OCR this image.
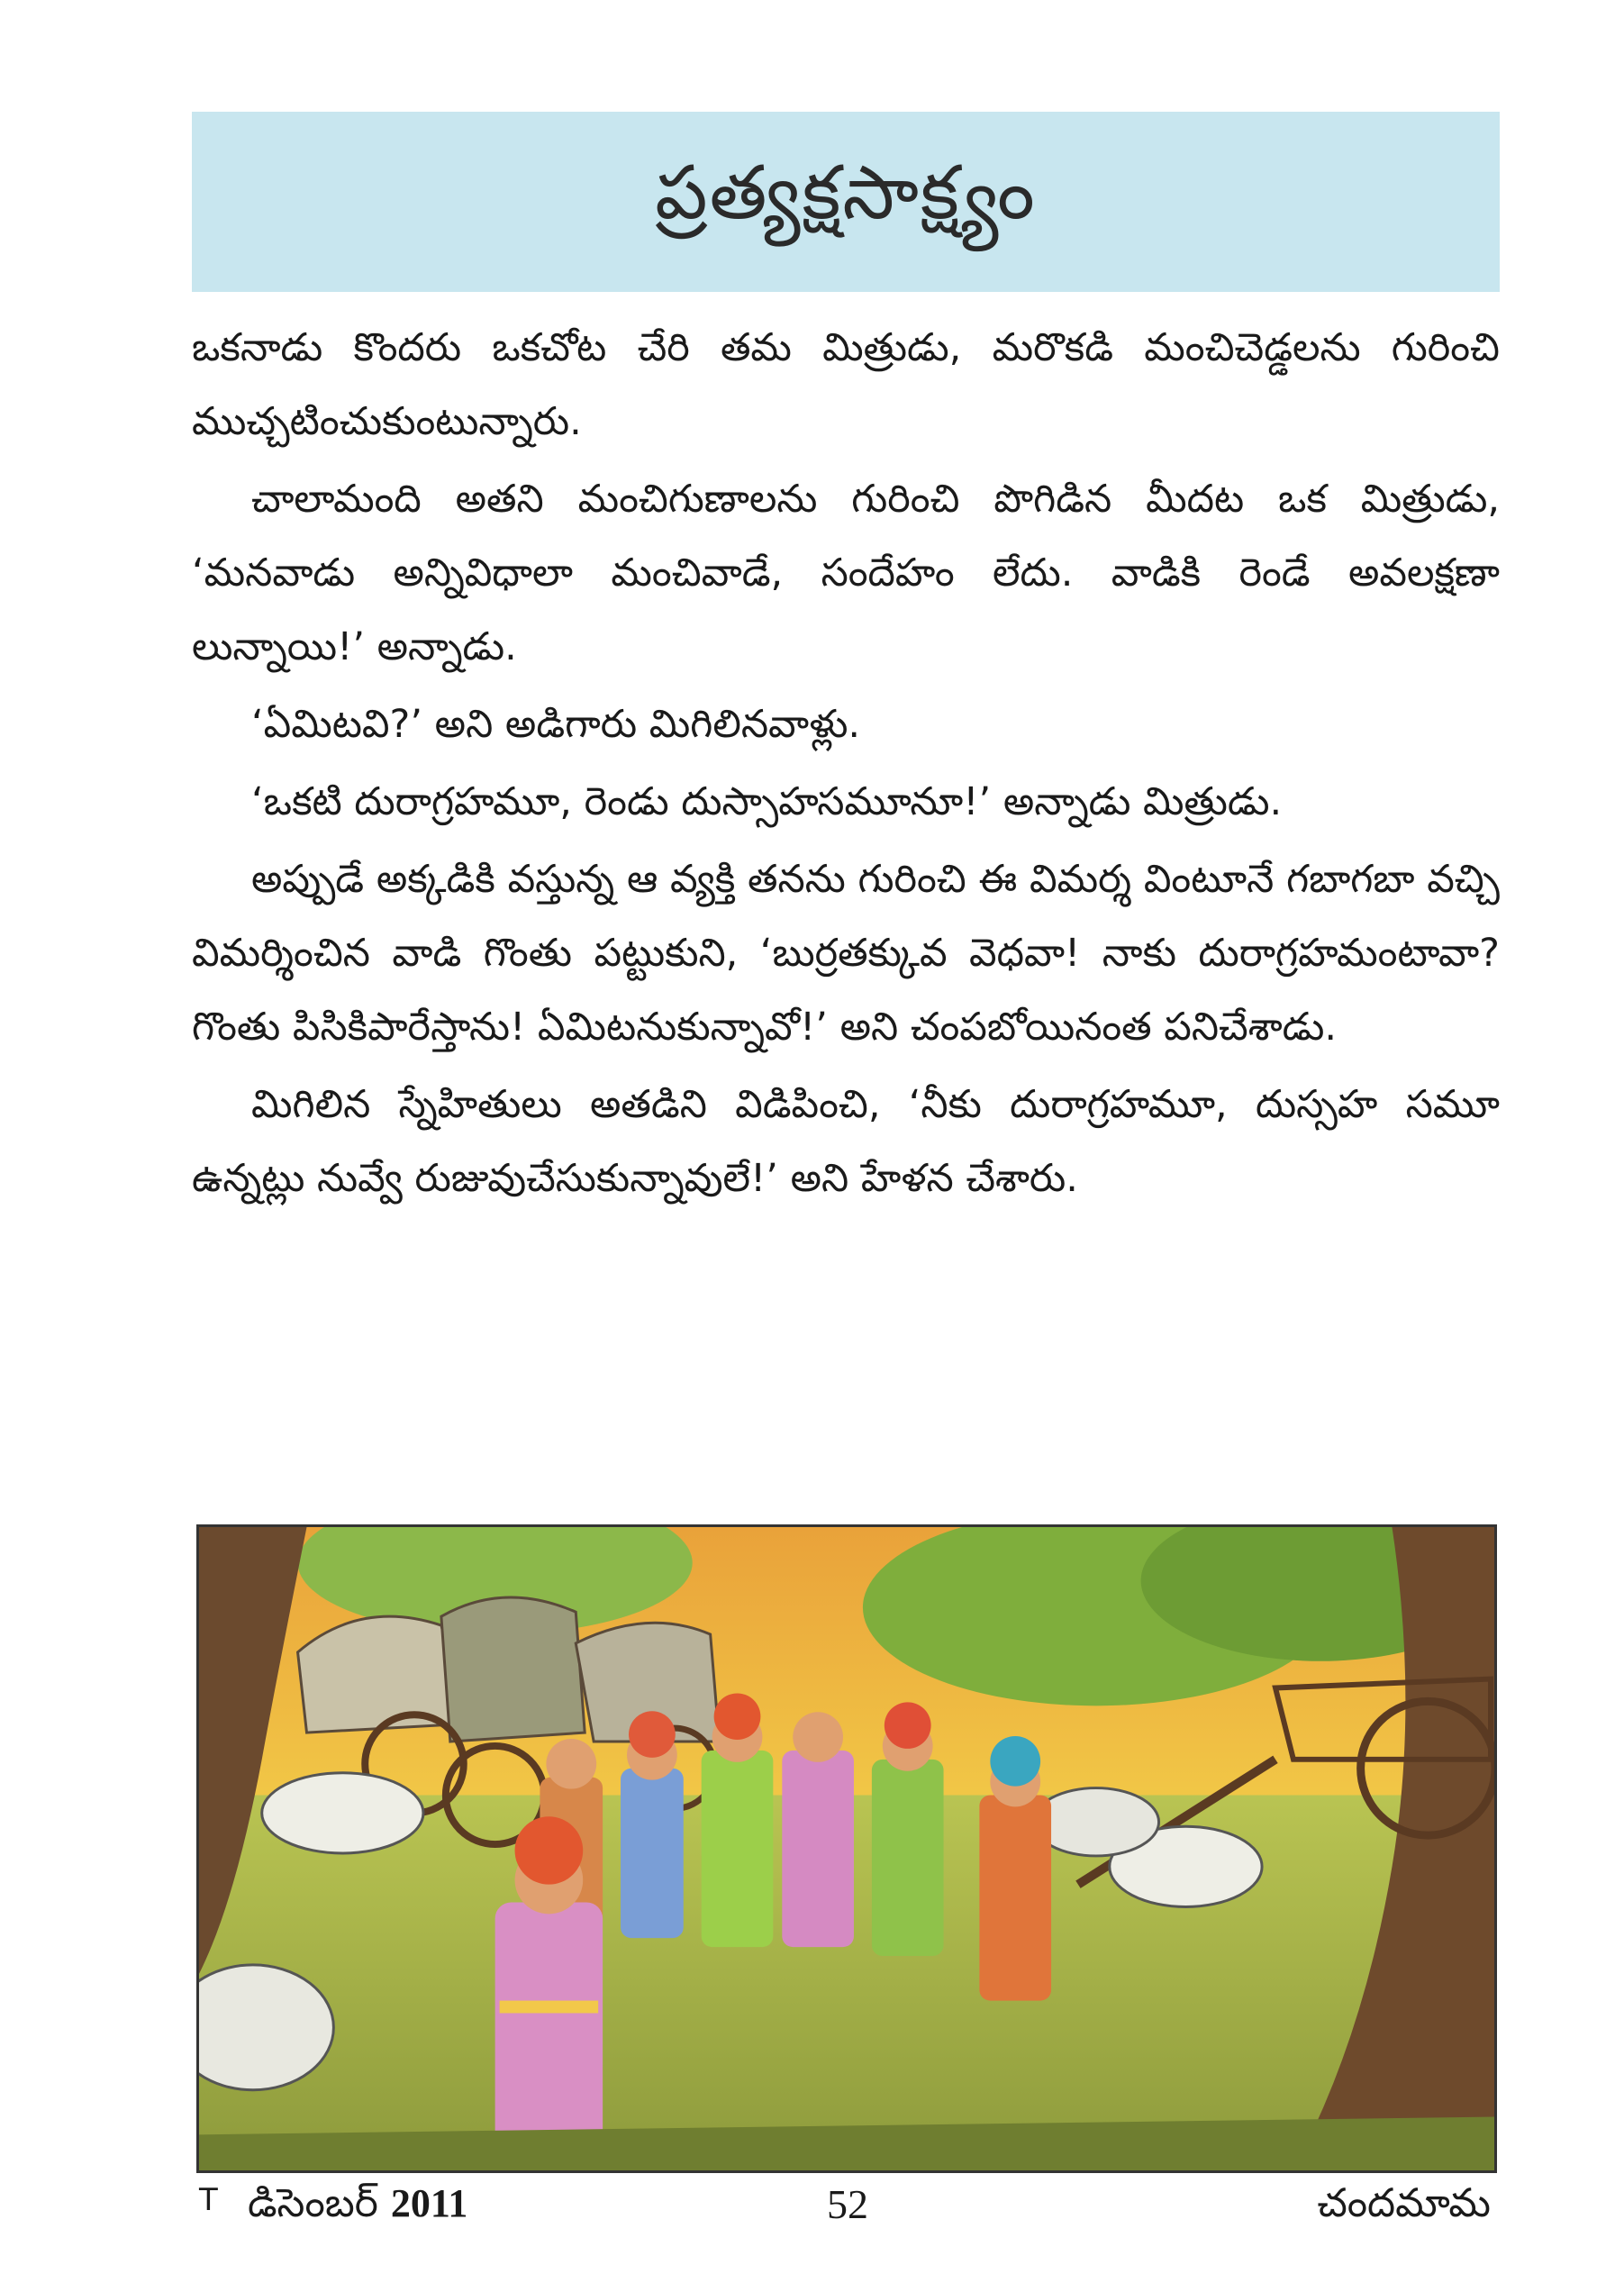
ప్రత్యక్షసాక్ష్యం

ఒకనాడు కొందరు ఒకచోట చేరి తమ మిత్రుడు, మరొకడి మంచిచెడ్డలను గురించి ముచ్చటించుకుంటున్నారు.

చాలామంది అతని మంచిగుణాలను గురించి పొగిడిన మీదట ఒక మిత్రుడు, ‘మనవాడు అన్నివిధాలా మంచివాడే, సందేహం లేదు. వాడికి రెండే అవలక్షణా లున్నాయి!’ అన్నాడు.

‘ఏమిటవి?’ అని అడిగారు మిగిలినవాళ్లు.

‘ఒకటి దురాగ్రహమూ, రెండు దుస్సాహసమూనూ!’ అన్నాడు మిత్రుడు.

అప్పుడే అక్కడికి వస్తున్న ఆ వ్యక్తి తనను గురించి ఈ విమర్శ వింటూనే గబాగబా వచ్చి విమర్శించిన వాడి గొంతు పట్టుకుని, ‘బుర్రతక్కువ వెధవా! నాకు దురాగ్రహమంటావా? గొంతు పిసికిపారేస్తాను! ఏమిటనుకున్నావో!’ అని చంపబోయినంత పనిచేశాడు.

మిగిలిన స్నేహితులు అతడిని విడిపించి, ‘నీకు దురాగ్రహమూ, దుస్సహ సమూ ఉన్నట్లు నువ్వే రుజువుచేసుకున్నావులే!’ అని హేళన చేశారు.

T డిసెంబర్ 2011	52	చందమామ
